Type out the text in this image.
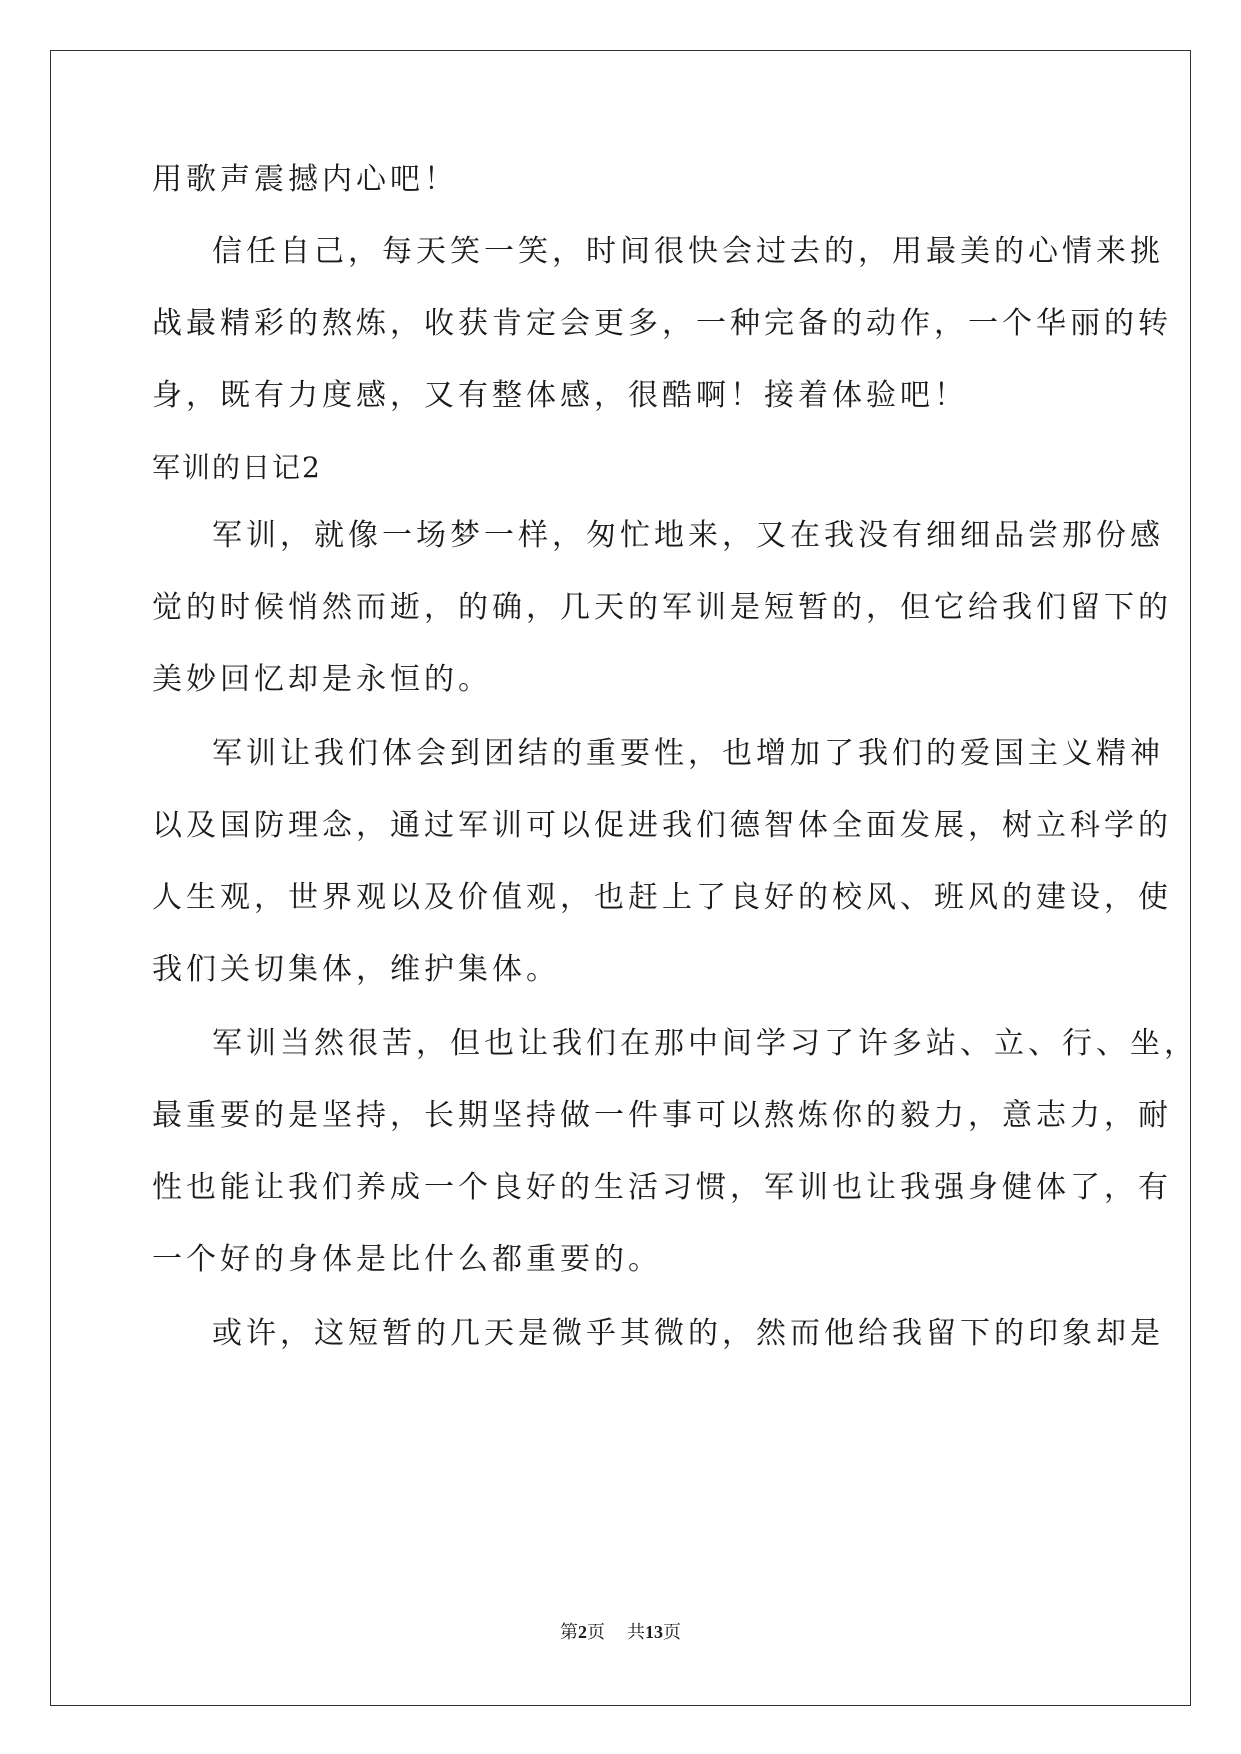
用歌声震撼内心吧！
信任自己，每天笑一笑，时间很快会过去的，用最美的心情来挑
战最精彩的熬炼，收获肯定会更多，一种完备的动作，一个华丽的转
身，既有力度感，又有整体感，很酷啊！接着体验吧！
军训的日记2
军训，就像一场梦一样，匆忙地来，又在我没有细细品尝那份感
觉的时候悄然而逝，的确，几天的军训是短暂的，但它给我们留下的
美妙回忆却是永恒的。
军训让我们体会到团结的重要性，也增加了我们的爱国主义精神
以及国防理念，通过军训可以促进我们德智体全面发展，树立科学的
人生观，世界观以及价值观，也赶上了良好的校风、班风的建设，使
我们关切集体，维护集体。
军训当然很苦，但也让我们在那中间学习了许多站、立、行、坐，
最重要的是坚持，长期坚持做一件事可以熬炼你的毅力，意志力，耐
性也能让我们养成一个良好的生活习惯，军训也让我强身健体了，有
一个好的身体是比什么都重要的。
或许，这短暂的几天是微乎其微的，然而他给我留下的印象却是
第2页 共13页
